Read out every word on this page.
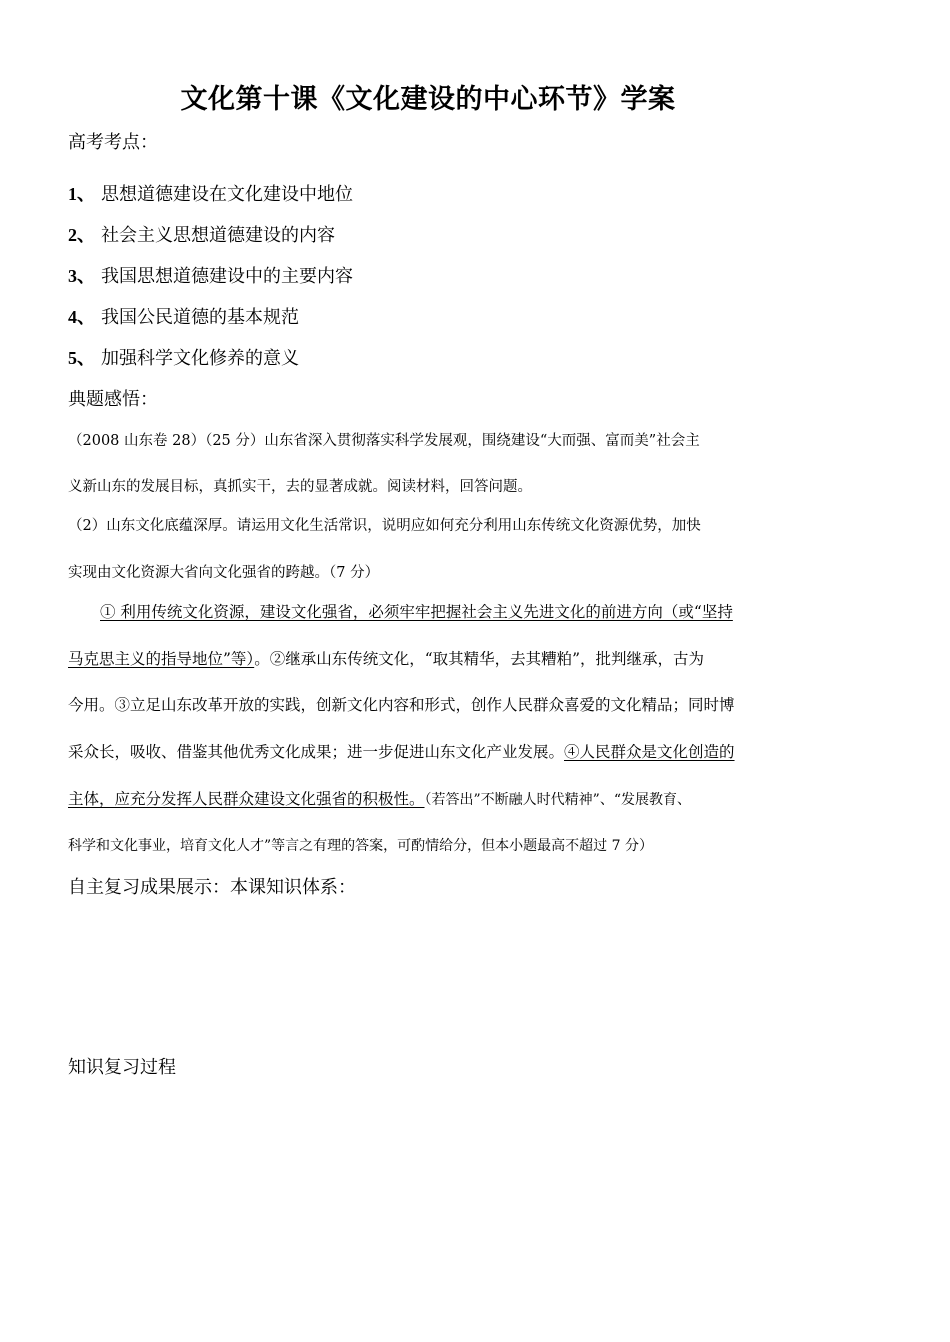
文化第十课《文化建设的中心环节》学案

高考考点：

1、 思想道德建设在文化建设中地位
2、 社会主义思想道德建设的内容
3、 我国思想道德建设中的主要内容
4、 我国公民道德的基本规范
5、 加强科学文化修养的意义

典题感悟：

（2008 山东卷 28）（25 分）山东省深入贯彻落实科学发展观，围绕建设“大而强、富而美”社会主

义新山东的发展目标，真抓实干，去的显著成就。阅读材料，回答问题。

（2）山东文化底蕴深厚。请运用文化生活常识，说明应如何充分利用山东传统文化资源优势，加快

实现由文化资源大省向文化强省的跨越。（7 分）

① 利用传统文化资源，建设文化强省，必须牢牢把握社会主义先进文化的前进方向（或“坚持

马克思主义的指导地位”等）。②继承山东传统文化，“取其精华，去其糟粕”，批判继承，古为

今用。③立足山东改革开放的实践，创新文化内容和形式，创作人民群众喜爱的文化精品；同时博

采众长，吸收、借鉴其他优秀文化成果；进一步促进山东文化产业发展。④人民群众是文化创造的

主体，应充分发挥人民群众建设文化强省的积极性。（若答出”不断融人时代精神”、“发展教育、

科学和文化事业，培育文化人才”等言之有理的答案，可酌情给分，但本小题最高不超过 7 分）

自主复习成果展示：本课知识体系：

知识复习过程
